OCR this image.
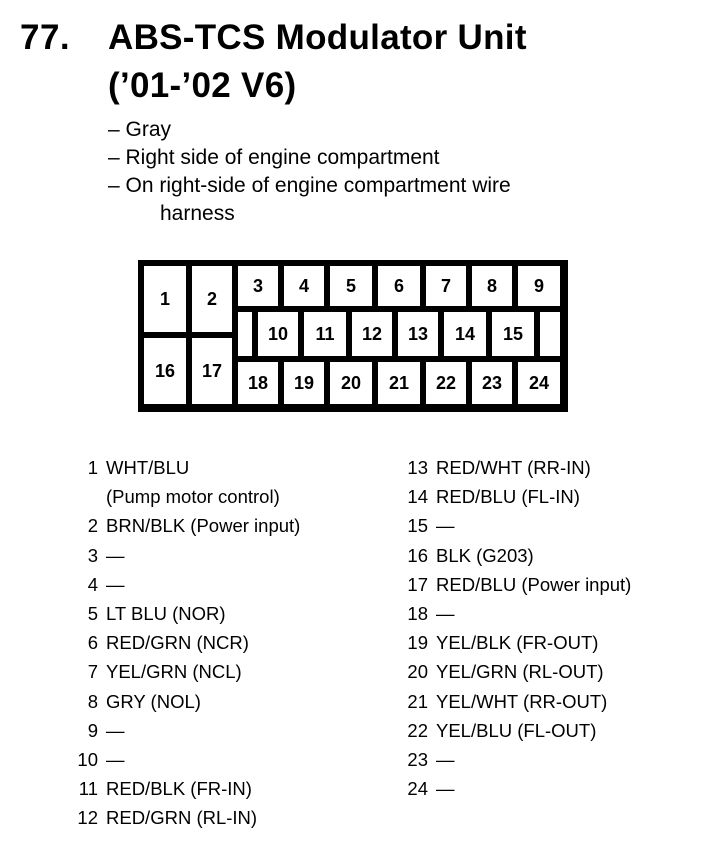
77. ABS-TCS Modulator Unit
(’01-’02 V6)
– Gray
– Right side of engine compartment
– On right-side of engine compartment wire
harness
1	2
3	4	5	6	7	8	9
10	11	12	13	14	15
16	17
18	19	20	21	22	23	24
1 WHT/BLU
(Pump motor control)
2 BRN/BLK (Power input)
3 —
4 —
5 LT BLU (NOR)
6 RED/GRN (NCR)
7 YEL/GRN (NCL)
8 GRY (NOL)
9 —
10 —
11 RED/BLK (FR-IN)
12 RED/GRN (RL-IN)
13 RED/WHT (RR-IN)
14 RED/BLU (FL-IN)
15 —
16 BLK (G203)
17 RED/BLU (Power input)
18 —
19 YEL/BLK (FR-OUT)
20 YEL/GRN (RL-OUT)
21 YEL/WHT (RR-OUT)
22 YEL/BLU (FL-OUT)
23 —
24 —
